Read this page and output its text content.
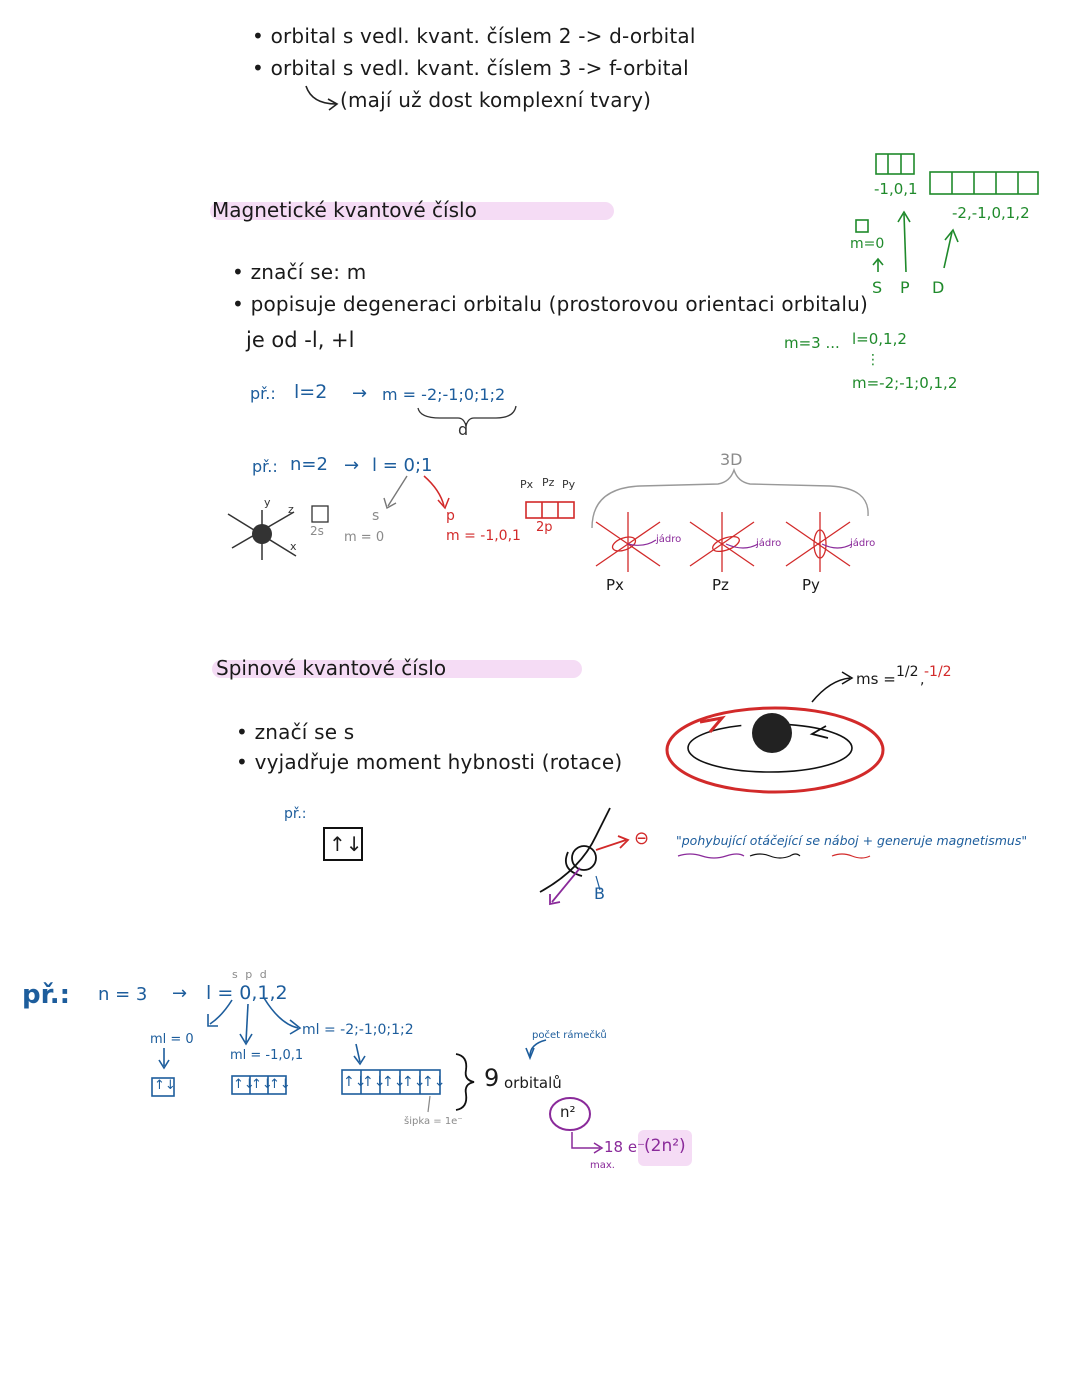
• orbital s vedl. kvant. číslem 2 -> d-orbital
• orbital s vedl. kvant. číslem 3 -> f-orbital
(mají už dost komplexní tvary)
Magnetické kvantové číslo
• značí se: m
• popisuje degeneraci orbitalu (prostorovou orientaci orbitalu)
je od -l, +l
př.: l=2 → m = -2;-1;0;1;2
d
př.: n=2 → l = 0;1
s
2s m = 0
p
m = -1,0,1
Px Pz Py
2p
3D
y
z
x
Px	Pz	Py
jádro	jádro	jádro
-1,0,1
-2,-1,0,1,2
m=0
S P D
m=3 ... l=0,1,2
⋮
m=-2;-1;0,1,2
Spinové kvantové číslo
• značí se s
• vyjadřuje moment hybnosti (rotace)
ms = 1/2 , -1/2
př.:
↑↓	⊖
B
"pohybující otáčející se náboj + generuje magnetismus"
př.: n = 3 → l = 0,1,2
s p d
ml = 0
ml = -1,0,1
ml = -2;-1;0;1;2
↑↓	↑↓
↑↓
↑↓	↑↓
↑↓
↑↓
↑↓
↑↓ 9 orbitalů
počet rámečků
šipka = 1e⁻
n²
18 e⁻
(2n²)
max.
